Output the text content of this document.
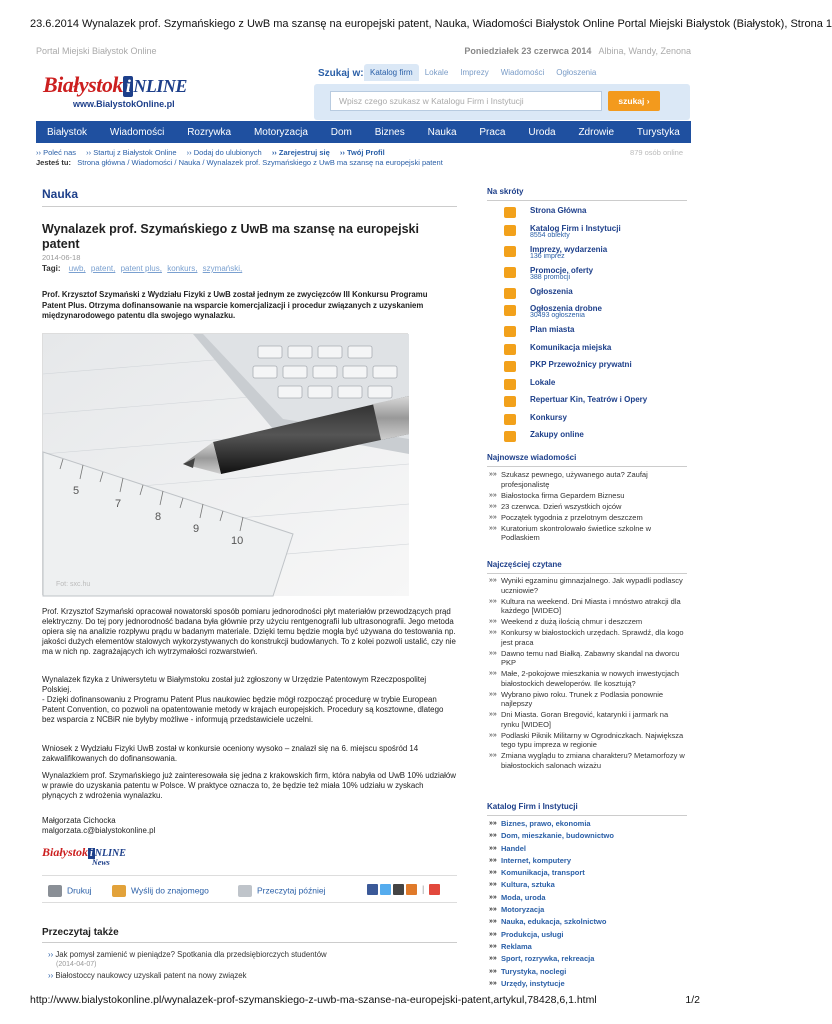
23.6.2014 Wynalazek prof. Szymańskiego z UwB ma szansę na europejski patent, Nauka, Wiadomości Białystok Online Portal Miejski Białystok (Białystok), Strona 1
http://www.bialystokonline.pl/wynalazek-prof-szymanskiego-z-uwb-ma-szanse-na-europejski-patent,artykul,78428,6,1.html	1/2
Portal Miejski Białystok Online	Poniedziałek 23 czerwca 2014 Albina, Wandy, Zenona
Białystok i NLINE
www.BialystokOnline.pl
Szukaj w: Katalog firm	Lokale	Imprezy	Wiadomości	Ogłoszenia
Wpisz czego szukasz w Katalogu Firm i Instytucji	szukaj ›
Białystok	Wiadomości	Rozrywka	Motoryzacja	Dom	Biznes	Nauka	Praca	Uroda	Zdrowie	Turystyka
›› Poleć nas ›› Startuj z Białystok Online ›› Dodaj do ulubionych ›› Zarejestruj się ›› Twój Profil	879 osób online
Jesteś tu: Strona główna / Wiadomości / Nauka / Wynalazek prof. Szymańskiego z UwB ma szansę na europejski patent
Nauka
Wynalazek prof. Szymańskiego z UwB ma szansę na europejski patent
2014-06-18
Tagi: uwb, patent, patent plus, konkurs, szymański,
Prof. Krzysztof Szymański z Wydziału Fizyki z UwB został jednym ze zwycięzców III Konkursu Programu Patent Plus. Otrzyma dofinansowanie na wsparcie komercjalizacji i procedur związanych z uzyskaniem międzynarodowego patentu dla swojego wynalazku.
5
7
8
9
10
Fot: sxc.hu
Prof. Krzysztof Szymański opracował nowatorski sposób pomiaru jednorodności płyt materiałów przewodzących prąd elektryczny. Do tej pory jednorodność badana była głównie przy użyciu rentgenografii lub ultrasonografii. Jego metoda opiera się na analizie rozpływu prądu w badanym materiale. Dzięki temu będzie mogła być używana do testowania np. jakości dużych elementów stalowych wykorzystywanych do konstrukcji budowlanych. To z kolei pozwoli ustalić, czy nie ma w nich np. zagrażających ich wytrzymałości rozwarstwień.
Wynalazek fizyka z Uniwersytetu w Białymstoku został już zgłoszony w Urzędzie Patentowym Rzeczpospolitej Polskiej.
- Dzięki dofinansowaniu z Programu Patent Plus naukowiec będzie mógł rozpocząć procedurę w trybie European Patent Convention, co pozwoli na opatentowanie metody w krajach europejskich. Procedury są kosztowne, dlatego bez wsparcia z NCBiR nie byłyby możliwe - informują przedstawiciele uczelni.
Wniosek z Wydziału Fizyki UwB został w konkursie oceniony wysoko – znalazł się na 6. miejscu spośród 14 zakwalifikowanych do dofinansowania.
Wynalazkiem prof. Szymańskiego już zainteresowała się jedna z krakowskich firm, która nabyła od UwB 10% udziałów w prawie do uzyskania patentu w Polsce. W praktyce oznacza to, że będzie też miała 10% udziału w zyskach płynących z wdrożenia wynalazku.
Małgorzata Cichocka
malgorzata.c@bialystokonline.pl
Białystok i NLINE
News
Drukuj	Wyślij do znajomego	Przeczytaj później	|
Przeczytaj także
›› Jak pomysł zamienić w pieniądze? Spotkania dla przedsiębiorczych studentów
(2014-04-07)
›› Białostoccy naukowcy uzyskali patent na nowy związek
Na skróty
Strona Główna
Katalog Firm i Instytucji
8554 obiekty
Imprezy, wydarzenia
136 imprez
Promocje, oferty
388 promocji
Ogłoszenia
Ogłoszenia drobne
30493 ogłoszenia
Plan miasta
Komunikacja miejska
PKP Przewoźnicy prywatni
Lokale
Repertuar Kin, Teatrów i Opery
Konkursy
Zakupy online
Najnowsze wiadomości
»» Szukasz pewnego, używanego auta? Zaufaj profesjonalistę
»» Białostocka firma Gepardem Biznesu
»» 23 czerwca. Dzień wszystkich ojców
»» Początek tygodnia z przelotnym deszczem
»» Kuratorium skontrolowało świetlice szkolne w Podlaskiem
Najczęściej czytane
»» Wyniki egzaminu gimnazjalnego. Jak wypadli podlascy uczniowie?
»» Kultura na weekend. Dni Miasta i mnóstwo atrakcji dla każdego [WIDEO]
»» Weekend z dużą ilością chmur i deszczem
»» Konkursy w białostockich urzędach. Sprawdź, dla kogo jest praca
»» Dawno temu nad Białką. Zabawny skandal na dworcu PKP
»» Małe, 2-pokojowe mieszkania w nowych inwestycjach białostockich deweloperów. Ile kosztują?
»» Wybrano piwo roku. Trunek z Podlasia ponownie najlepszy
»» Dni Miasta. Goran Bregović, katarynki i jarmark na rynku [WIDEO]
»» Podlaski Piknik Militarny w Ogrodniczkach. Największa tego typu impreza w regionie
»» Zmiana wyglądu to zmiana charakteru? Metamorfozy w białostockich salonach wizażu
Katalog Firm i Instytucji
»» Biznes, prawo, ekonomia
»» Dom, mieszkanie, budownictwo
»» Handel
»» Internet, komputery
»» Komunikacja, transport
»» Kultura, sztuka
»» Moda, uroda
»» Motoryzacja
»» Nauka, edukacja, szkolnictwo
»» Produkcja, usługi
»» Reklama
»» Sport, rozrywka, rekreacja
»» Turystyka, noclegi
»» Urzędy, instytucje
